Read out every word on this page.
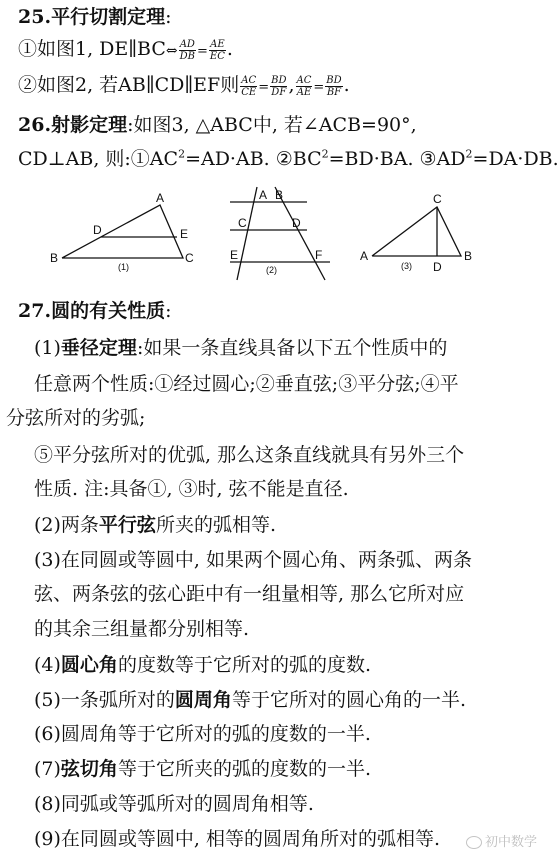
25.平行切割定理:
①如图1, DE∥BC⇔ $\frac{AD}{DB} = \frac{AE}{EC}$ .
②如图2, 若AB∥CD∥EF则 $\frac{AC}{CE} = \frac{BD}{DF}$ , $\frac{AC}{AE} = \frac{BD}{BF}$ .
26.射影定理:如图3, △ABC中, 若∠ACB=90°,
CD⊥AB, 则$:①AC^2=AD\cdot AB$. $②BC^2=BD\cdot BA$. $③AD^2=DA\cdot DB$.
A
B	C
D	E
(1)
A B
C	D
E	F
(2)
A	B
C
D
(3)
27.圆的有关性质:
(1)垂径定理:如果一条直线具备以下五个性质中的
任意两个性质:①经过圆心;②垂直弦;③平分弦;④平
分弦所对的劣弧;
⑤平分弦所对的优弧, 那么这条直线就具有另外三个
性质. 注:具备①, ③时, 弦不能是直径.
(2)两条平行弦所夹的弧相等.
(3)在同圆或等圆中, 如果两个圆心角、两条弧、两条
弦、两条弦的弦心距中有一组量相等, 那么它所对应
的其余三组量都分别相等.
(4)圆心角的度数等于它所对的弧的度数.
(5)一条弧所对的圆周角等于它所对的圆心角的一半.
(6)圆周角等于它所对的弧的度数的一半.
(7)弦切角等于它所夹的弧的度数的一半.
(8)同弧或等弧所对的圆周角相等.
(9)在同圆或等圆中, 相等的圆周角所对的弧相等.	初中数学
